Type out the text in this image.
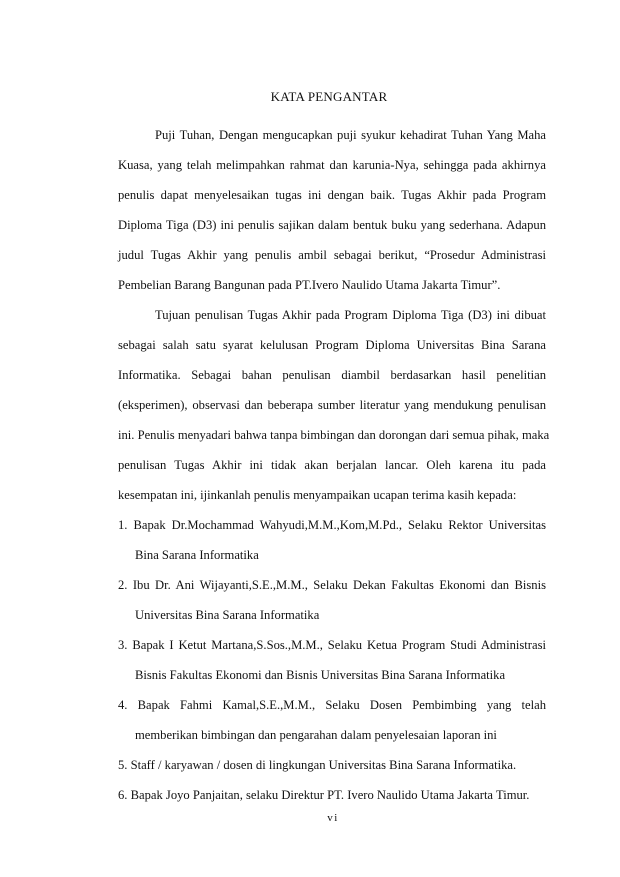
KATA PENGANTAR
Puji Tuhan, Dengan mengucapkan puji syukur kehadirat Tuhan Yang Maha
Kuasa, yang telah melimpahkan rahmat dan karunia-Nya, sehingga pada akhirnya
penulis dapat menyelesaikan tugas ini dengan baik. Tugas Akhir pada Program
Diploma Tiga (D3) ini penulis sajikan dalam bentuk buku yang sederhana. Adapun
judul Tugas Akhir yang penulis ambil sebagai berikut, “Prosedur Administrasi
Pembelian Barang Bangunan pada PT.Ivero Naulido Utama Jakarta Timur”.
Tujuan penulisan Tugas Akhir pada Program Diploma Tiga (D3) ini dibuat
sebagai salah satu syarat kelulusan Program Diploma Universitas Bina Sarana
Informatika. Sebagai bahan penulisan diambil berdasarkan hasil penelitian
(eksperimen), observasi dan beberapa sumber literatur yang mendukung penulisan
ini. Penulis menyadari bahwa tanpa bimbingan dan dorongan dari semua pihak, maka
penulisan Tugas Akhir ini tidak akan berjalan lancar. Oleh karena itu pada
kesempatan ini, ijinkanlah penulis menyampaikan ucapan terima kasih kepada:
1. Bapak Dr.Mochammad Wahyudi,M.M.,Kom,M.Pd., Selaku Rektor Universitas
Bina Sarana Informatika
2. Ibu Dr. Ani Wijayanti,S.E.,M.M., Selaku Dekan Fakultas Ekonomi dan Bisnis
Universitas Bina Sarana Informatika
3. Bapak I Ketut Martana,S.Sos.,M.M., Selaku Ketua Program Studi Administrasi
Bisnis Fakultas Ekonomi dan Bisnis Universitas Bina Sarana Informatika
4. Bapak Fahmi Kamal,S.E.,M.M., Selaku Dosen Pembimbing yang telah
memberikan bimbingan dan pengarahan dalam penyelesaian laporan ini
5. Staff / karyawan / dosen di lingkungan Universitas Bina Sarana Informatika.
6. Bapak Joyo Panjaitan, selaku Direktur PT. Ivero Naulido Utama Jakarta Timur.
vi
